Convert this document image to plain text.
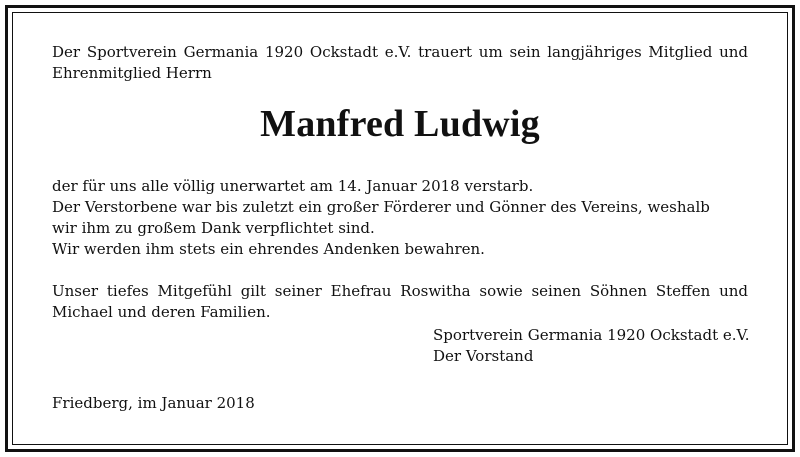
Der Sportverein Germania 1920 Ockstadt e.V. trauert um sein langjähriges Mitglied und
Ehrenmitglied Herrn

Manfred Ludwig

der für uns alle völlig unerwartet am 14. Januar 2018 verstarb.
Der Verstorbene war bis zuletzt ein großer Förderer und Gönner des Vereins, weshalb
wir ihm zu großem Dank verpflichtet sind.
Wir werden ihm stets ein ehrendes Andenken bewahren.

Unser tiefes Mitgefühl gilt seiner Ehefrau Roswitha sowie seinen Söhnen Steffen und
Michael und deren Familien.

Sportverein Germania 1920 Ockstadt e.V.
Der Vorstand
Friedberg, im Januar 2018
